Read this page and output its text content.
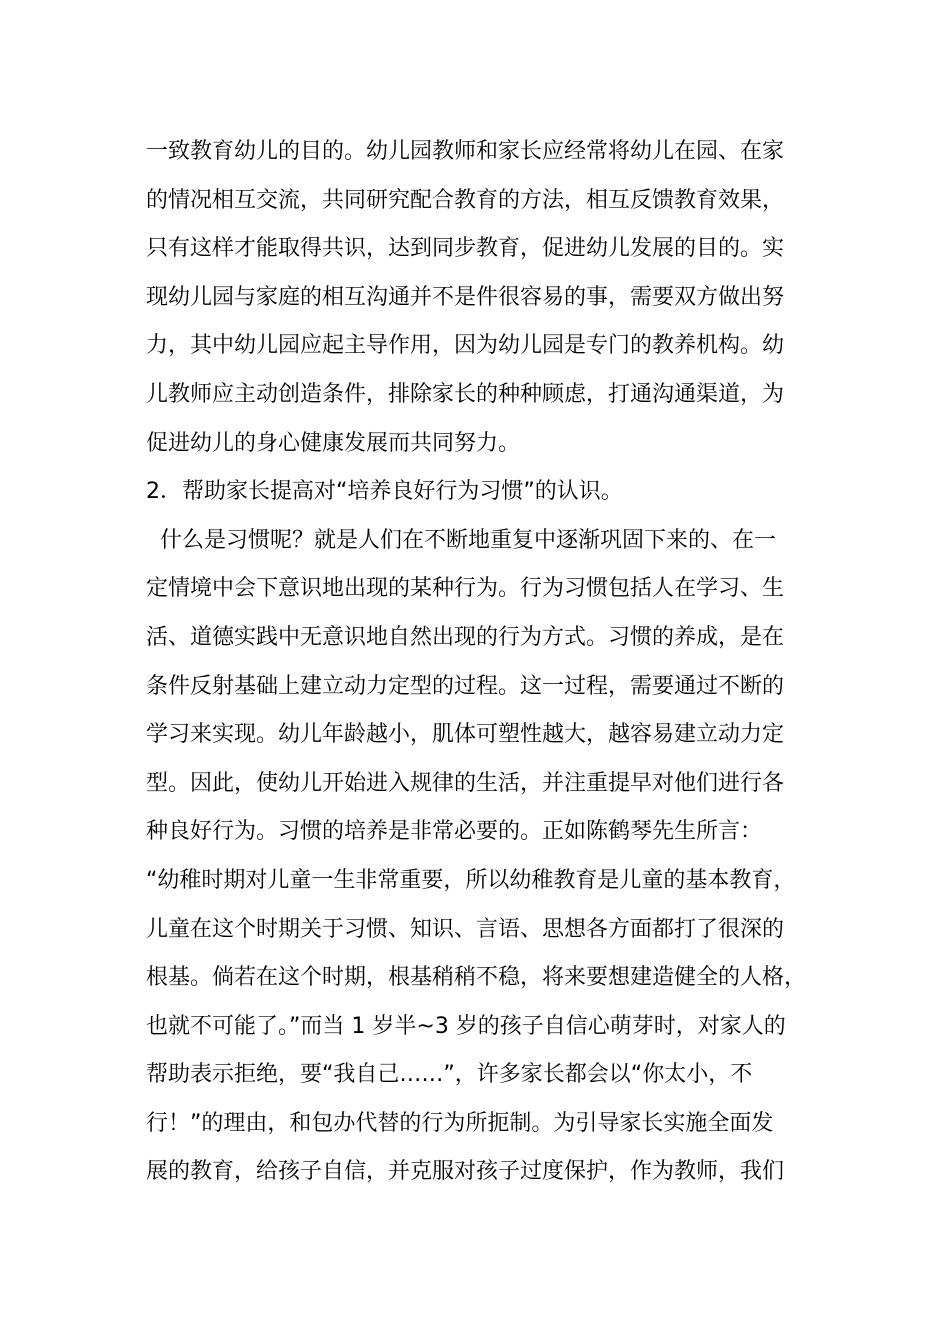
一致教育幼儿的目的。幼儿园教师和家长应经常将幼儿在园、在家
的情况相互交流，共同研究配合教育的方法，相互反馈教育效果，
只有这样才能取得共识，达到同步教育，促进幼儿发展的目的。实
现幼儿园与家庭的相互沟通并不是件很容易的事，需要双方做出努
力，其中幼儿园应起主导作用，因为幼儿园是专门的教养机构。幼
儿教师应主动创造条件，排除家长的种种顾虑，打通沟通渠道，为
促进幼儿的身心健康发展而共同努力。
2．帮助家长提高对“培养良好行为习惯”的认识。
什么是习惯呢？就是人们在不断地重复中逐渐巩固下来的、在一
定情境中会下意识地出现的某种行为。行为习惯包括人在学习、生
活、道德实践中无意识地自然出现的行为方式。习惯的养成，是在
条件反射基础上建立动力定型的过程。这一过程，需要通过不断的
学习来实现。幼儿年龄越小，肌体可塑性越大，越容易建立动力定
型。因此，使幼儿开始进入规律的生活，并注重提早对他们进行各
种良好行为。习惯的培养是非常必要的。正如陈鹤琴先生所言：
“幼稚时期对儿童一生非常重要，所以幼稚教育是儿童的基本教育，
儿童在这个时期关于习惯、知识、言语、思想各方面都打了很深的
根基。倘若在这个时期，根基稍稍不稳，将来要想建造健全的人格，
也就不可能了。”而当 1 岁半~3 岁的孩子自信心萌芽时，对家人的
帮助表示拒绝，要“我自己……”，许多家长都会以“你太小，不
行！”的理由，和包办代替的行为所扼制。为引导家长实施全面发
展的教育，给孩子自信，并克服对孩子过度保护，作为教师，我们
